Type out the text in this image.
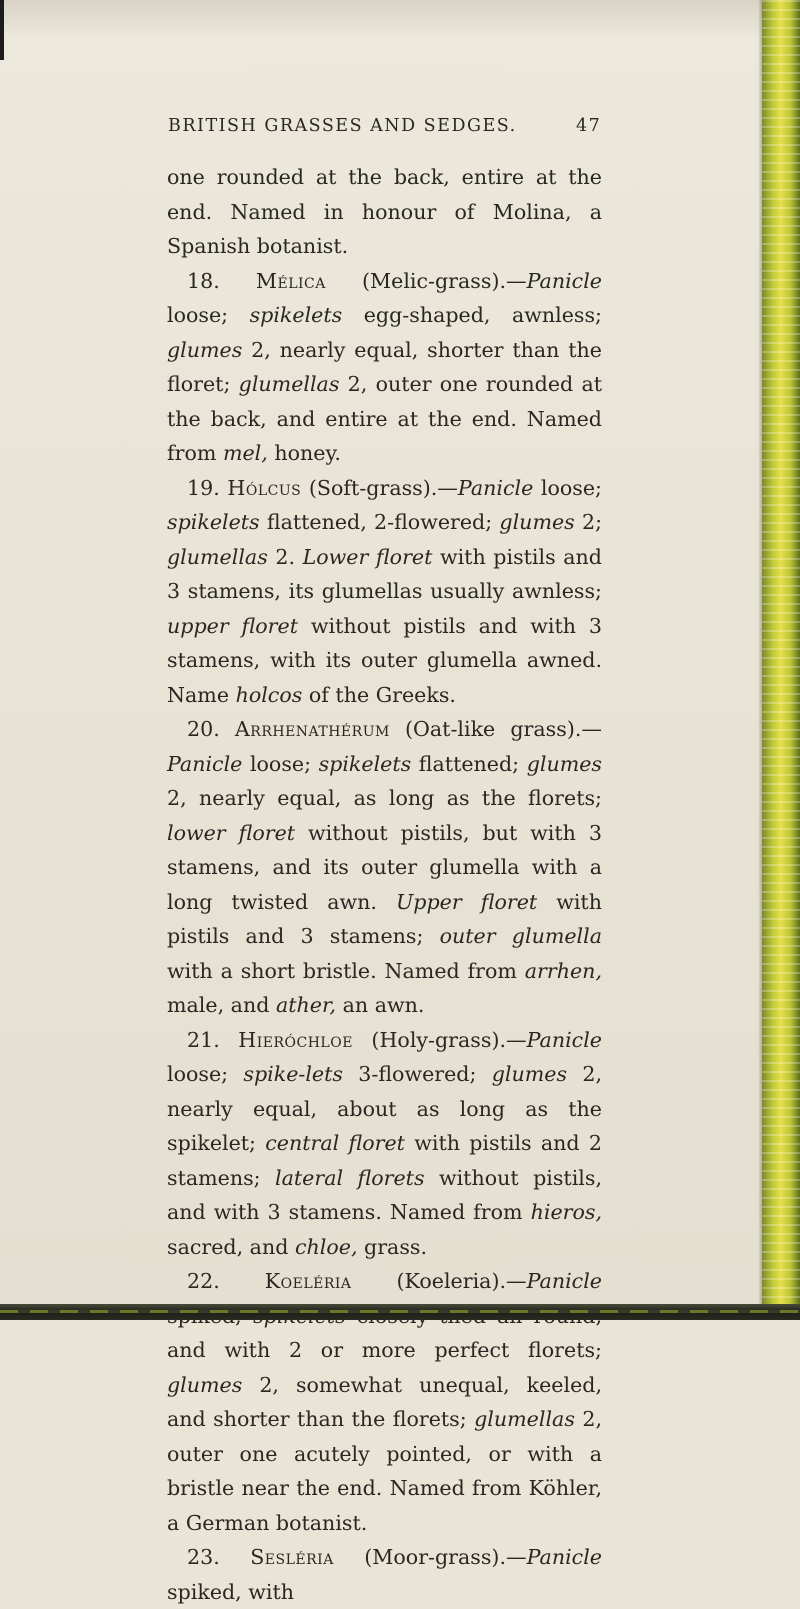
BRITISH GRASSES AND SEDGES.	47

one rounded at the back, entire at the end. Named in honour of Molina, a Spanish botanist.

18. Mélica (Melic-grass).—Panicle loose; spikelets egg-shaped, awnless; glumes 2, nearly equal, shorter than the floret; glumellas 2, outer one rounded at the back, and entire at the end. Named from mel, honey.

19. Hólcus (Soft-grass).—Panicle loose; spikelets flattened, 2-flowered; glumes 2; glumellas 2. Lower floret with pistils and 3 stamens, its glumellas usually awnless; upper floret without pistils and with 3 stamens, with its outer glumella awned. Name holcos of the Greeks.

20. Arrhenathérum (Oat-like grass).—Panicle loose; spikelets flattened; glumes 2, nearly equal, as long as the florets; lower floret without pistils, but with 3 stamens, and its outer glumella with a long twisted awn. Upper floret with pistils and 3 stamens; outer glumella with a short bristle. Named from arrhen, male, and ather, an awn.

21. Hieróchloe (Holy-grass).—Panicle loose; spike-lets 3-flowered; glumes 2, nearly equal, about as long as the spikelet; central floret with pistils and 2 stamens; lateral florets without pistils, and with 3 stamens. Named from hieros, sacred, and chloe, grass.

22. Koeléria (Koeleria).—Panicle and with 2 or more perfect florets; glumes 2, somewhat unequal, keeled, and shorter than the florets; glumellas 2, outer one acutely pointed, or with a bristle near the end. Named from Köhler, a German botanist.

23. Sesléria (Moor-grass).—Panicle spiked, with
